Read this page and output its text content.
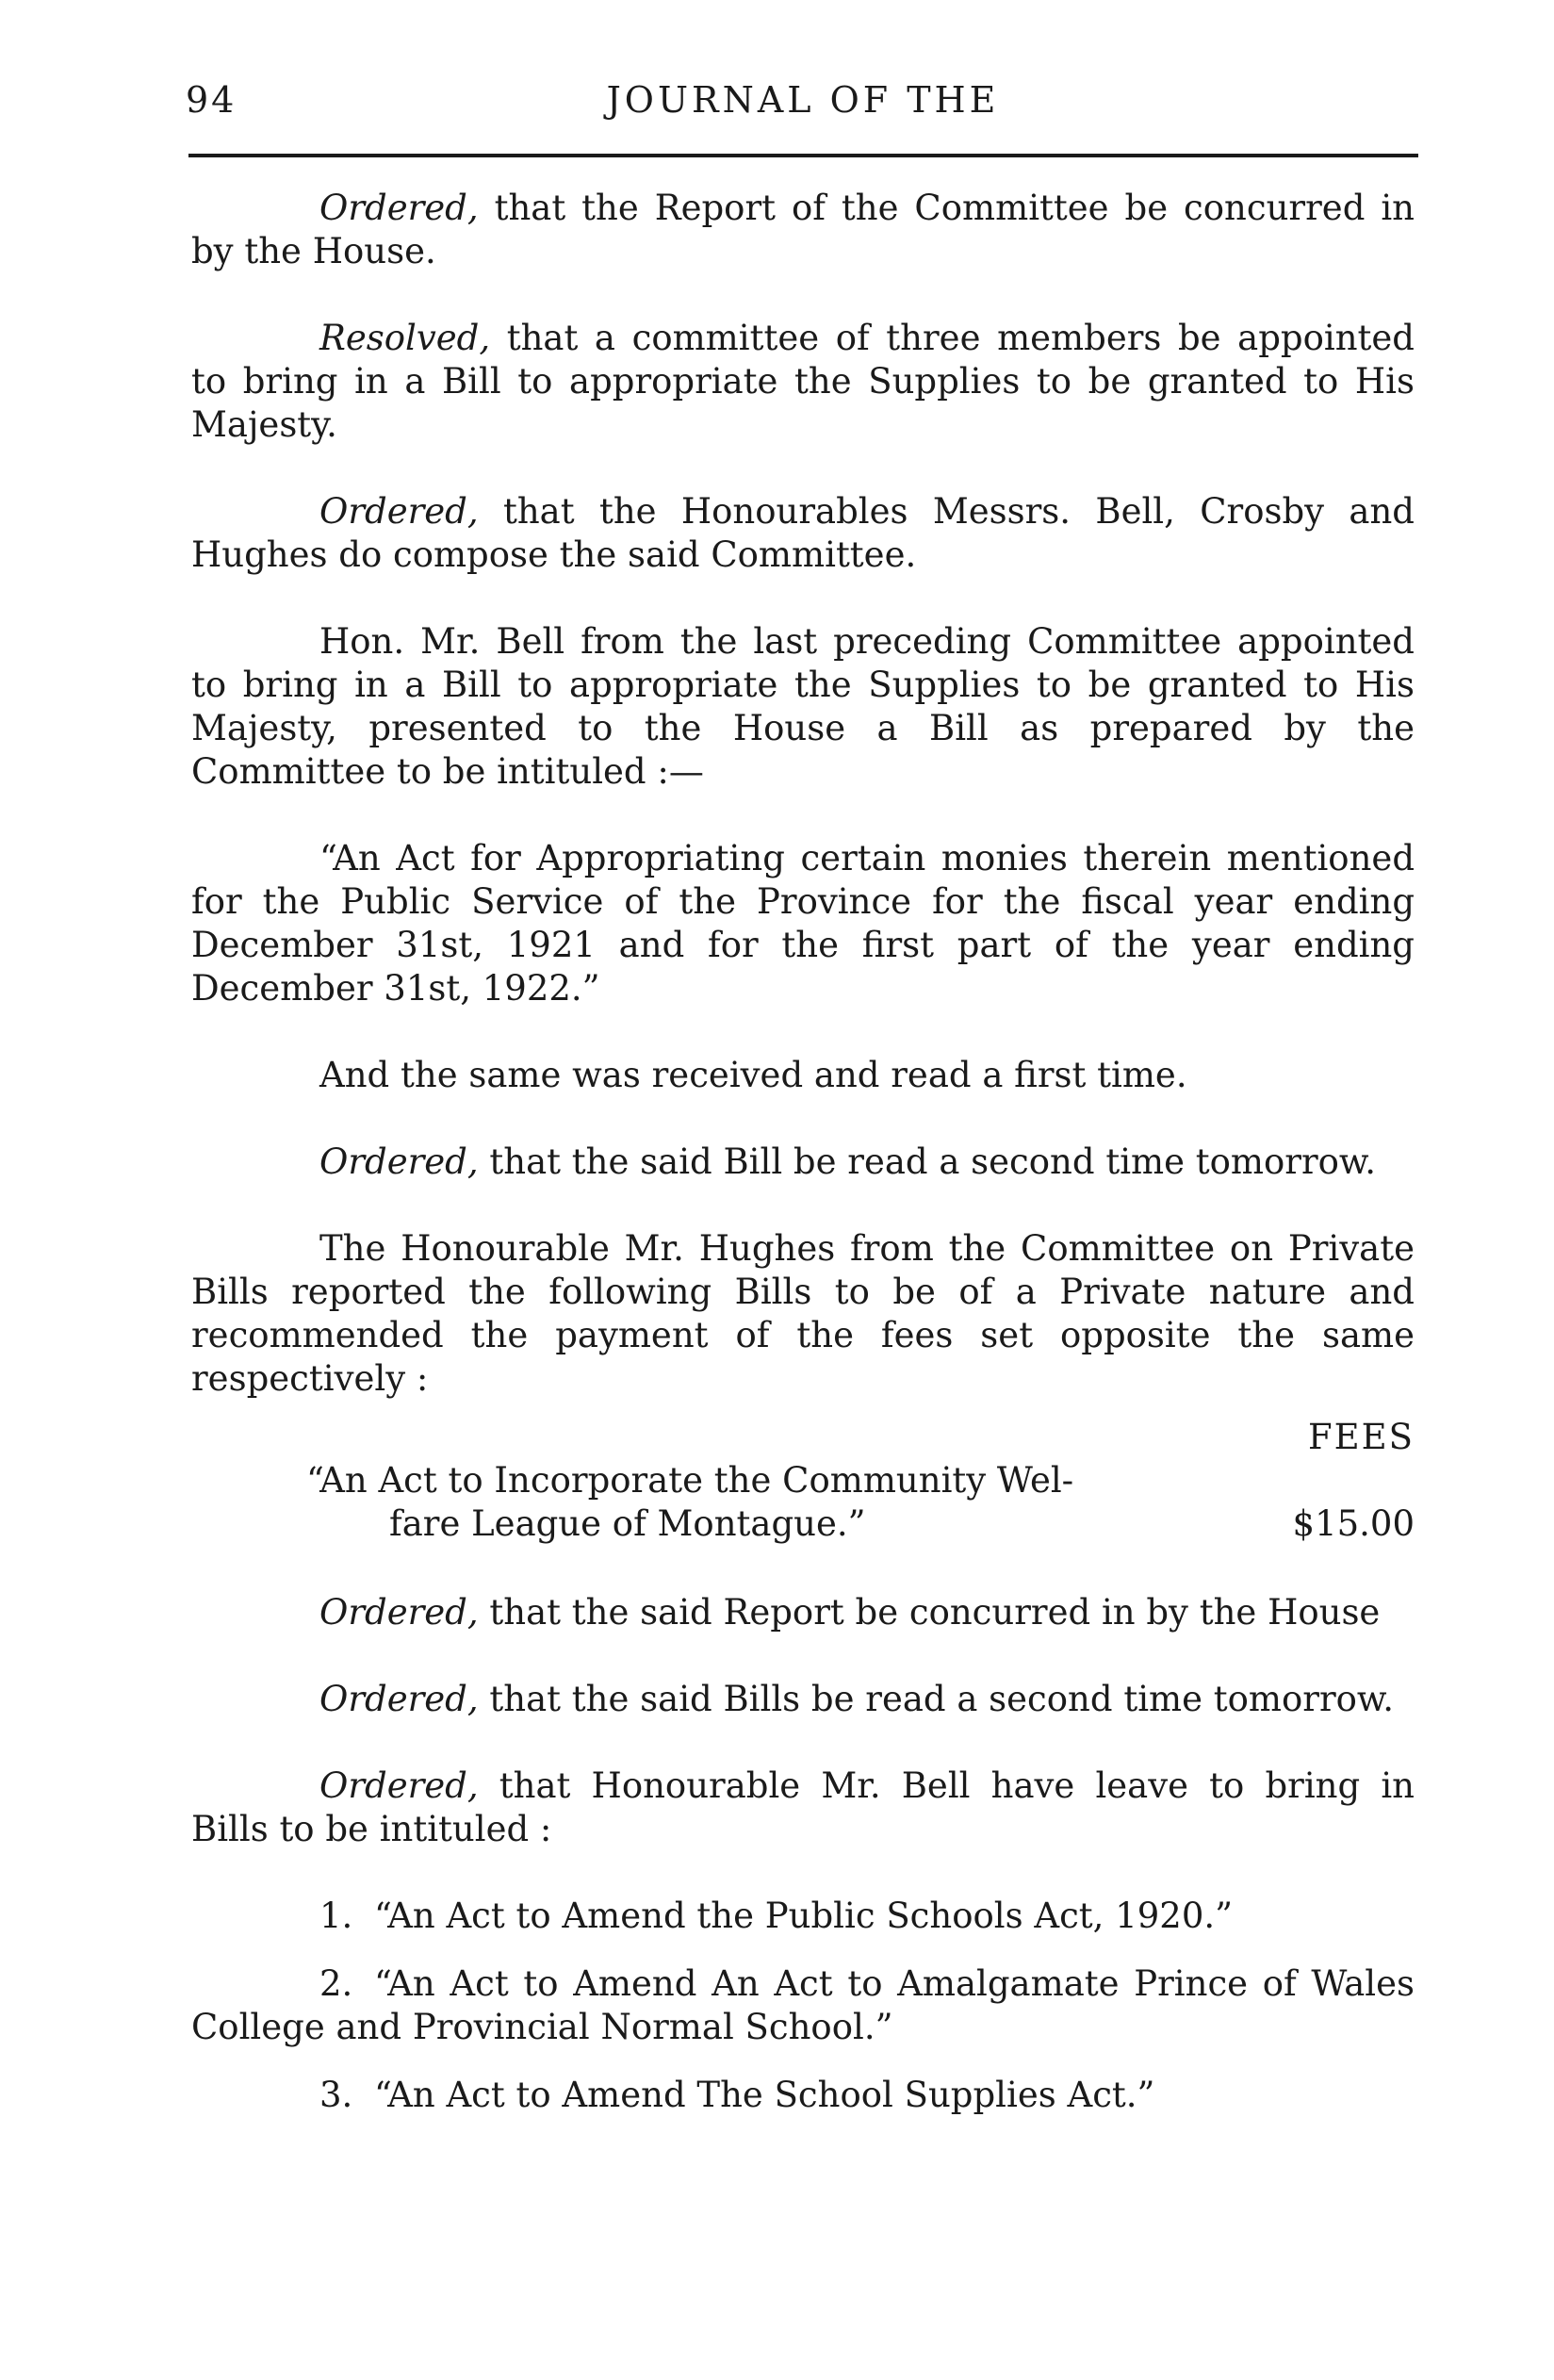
94	JOURNAL OF THE

Ordered, that the Report of the Committee be concurred in by the House.

Resolved, that a committee of three members be appointed to bring in a Bill to appropriate the Supplies to be granted to His Majesty.

Ordered, that the Honourables Messrs. Bell, Crosby and Hughes do compose the said Committee.

Hon. Mr. Bell from the last preceding Committee appointed to bring in a Bill to appropriate the Supplies to be granted to His Majesty, presented to the House a Bill as prepared by the Committee to be intituled :—

“An Act for Appropriating certain monies therein mentioned for the Public Service of the Province for the fiscal year ending December 31st, 1921 and for the first part of the year ending December 31st, 1922.”

And the same was received and read a first time.

Ordered, that the said Bill be read a second time tomorrow.

The Honourable Mr. Hughes from the Committee on Private Bills reported the following Bills to be of a Private nature and recommended the payment of the fees set opposite the same respectively :

FEES
“An Act to Incorporate the Community Wel-
fare League of Montague.”	$15.00

Ordered, that the said Report be concurred in by the House

Ordered, that the said Bills be read a second time tomorrow.

Ordered, that Honourable Mr. Bell have leave to bring in Bills to be intituled :

1. “An Act to Amend the Public Schools Act, 1920.”

2. “An Act to Amend An Act to Amalgamate Prince of Wales College and Provincial Normal School.”

3. “An Act to Amend The School Supplies Act.”
